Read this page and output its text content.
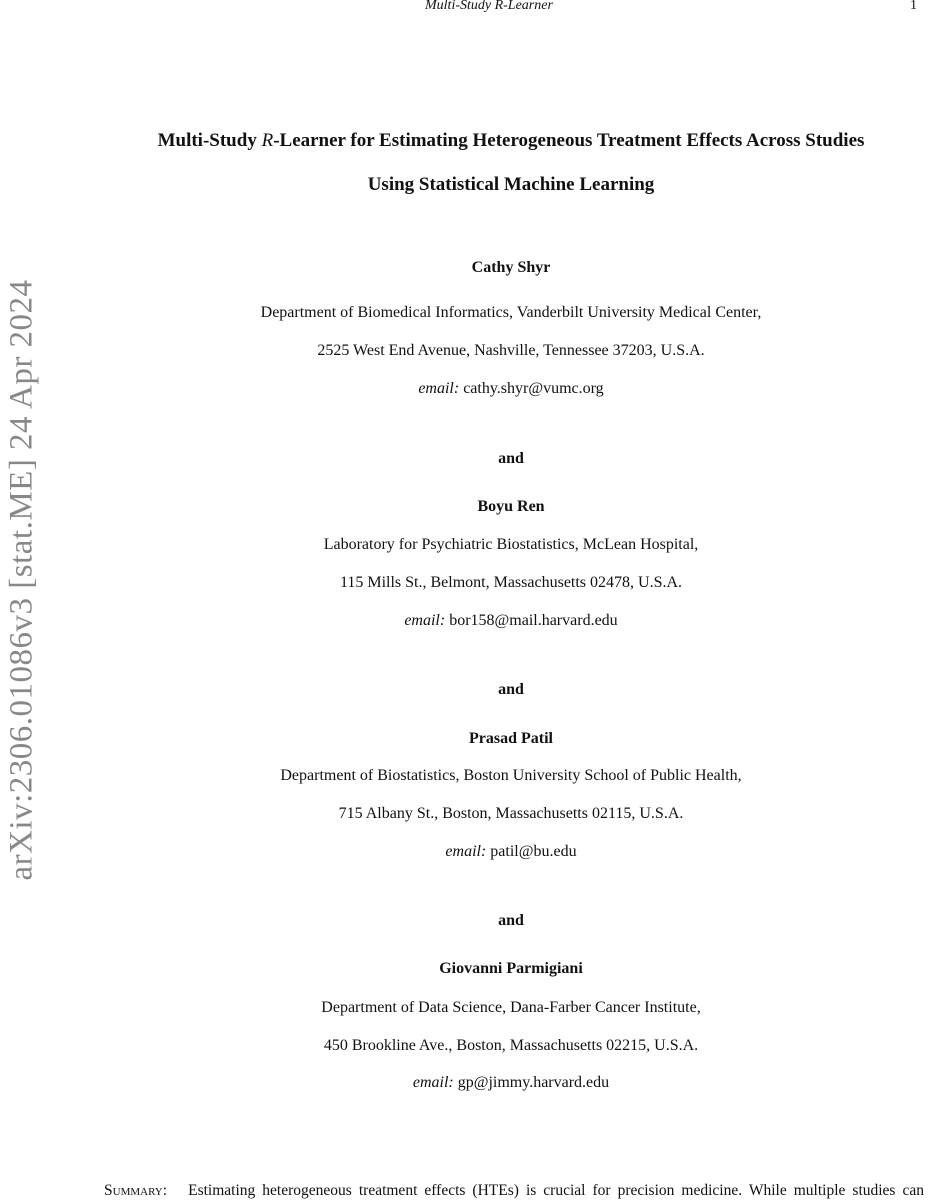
Multi-Study R-Learner	1
arXiv:2306.01086v3 [stat.ME] 24 Apr 2024
Multi-Study R-Learner for Estimating Heterogeneous Treatment Effects Across Studies
Using Statistical Machine Learning
Cathy Shyr
Department of Biomedical Informatics, Vanderbilt University Medical Center,
2525 West End Avenue, Nashville, Tennessee 37203, U.S.A.
email: cathy.shyr@vumc.org
and
Boyu Ren
Laboratory for Psychiatric Biostatistics, McLean Hospital,
115 Mills St., Belmont, Massachusetts 02478, U.S.A.
email: bor158@mail.harvard.edu
and
Prasad Patil
Department of Biostatistics, Boston University School of Public Health,
715 Albany St., Boston, Massachusetts 02115, U.S.A.
email: patil@bu.edu
and
Giovanni Parmigiani
Department of Data Science, Dana-Farber Cancer Institute,
450 Brookline Ave., Boston, Massachusetts 02215, U.S.A.
email: gp@jimmy.harvard.edu
Summary: Estimating heterogeneous treatment effects (HTEs) is crucial for precision medicine. While multiple studies can
